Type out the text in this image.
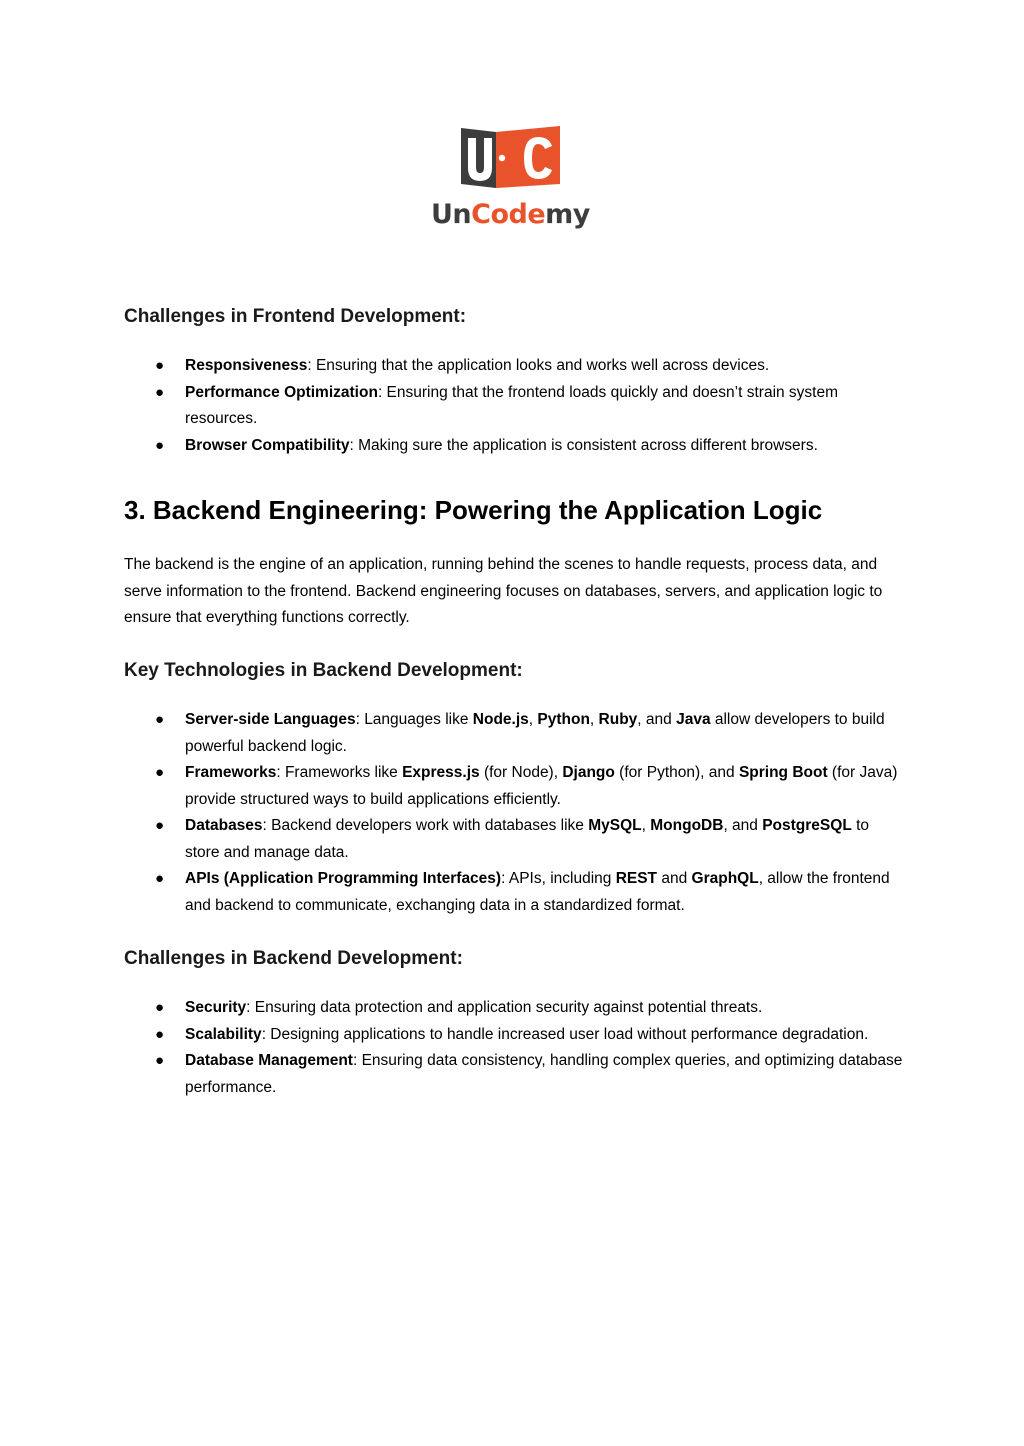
UnCodemy
Challenges in Frontend Development:
● Responsiveness: Ensuring that the application looks and works well across devices.
● Performance Optimization: Ensuring that the frontend loads quickly and doesn’t strain system resources.
● Browser Compatibility: Making sure the application is consistent across different browsers.
3. Backend Engineering: Powering the Application Logic

The backend is the engine of an application, running behind the scenes to handle requests, process data, and serve information to the frontend. Backend engineering focuses on databases, servers, and application logic to ensure that everything functions correctly.

Key Technologies in Backend Development:
● Server-side Languages: Languages like Node.js, Python, Ruby, and Java allow developers to build powerful backend logic.
● Frameworks: Frameworks like Express.js (for Node), Django (for Python), and Spring Boot (for Java) provide structured ways to build applications efficiently.
● Databases: Backend developers work with databases like MySQL, MongoDB, and PostgreSQL to store and manage data.
● APIs (Application Programming Interfaces): APIs, including REST and GraphQL, allow the frontend and backend to communicate, exchanging data in a standardized format.
Challenges in Backend Development:
● Security: Ensuring data protection and application security against potential threats.
● Scalability: Designing applications to handle increased user load without performance degradation.
● Database Management: Ensuring data consistency, handling complex queries, and optimizing database performance.
